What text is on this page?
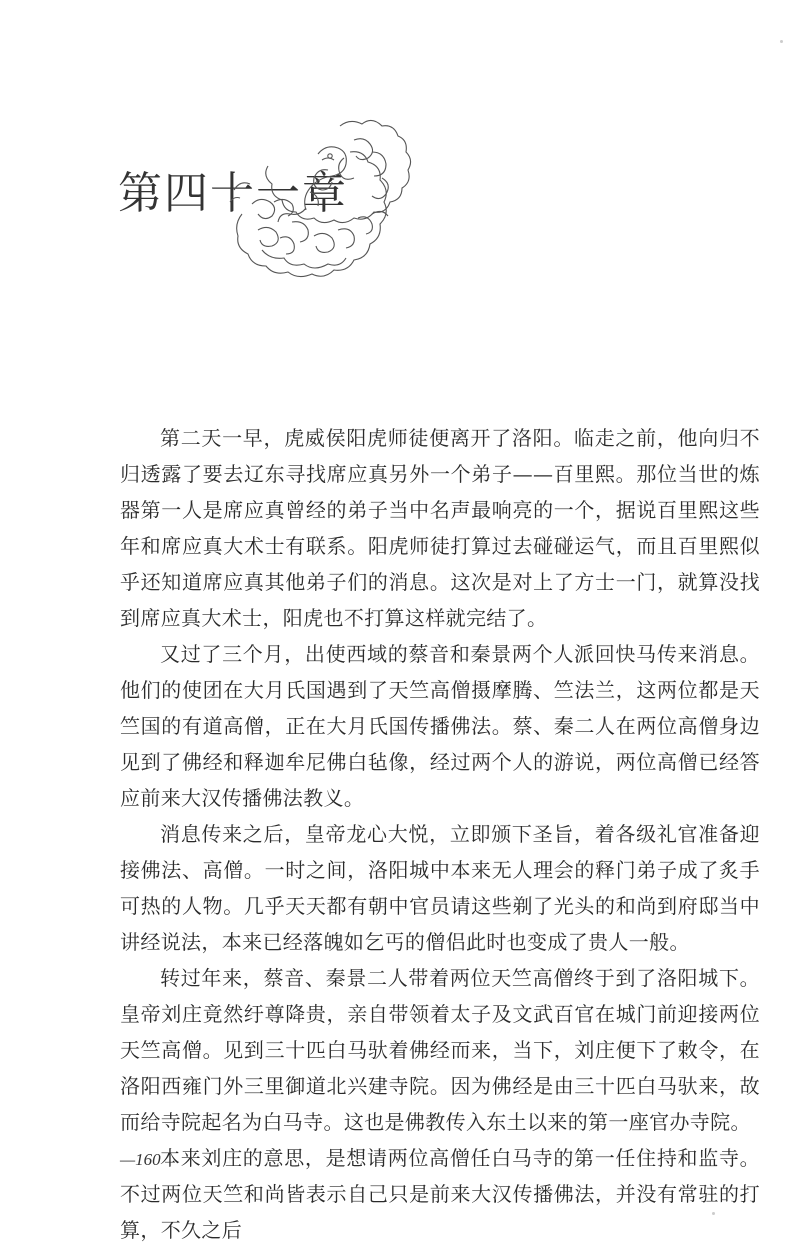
第四十一章

第二天一早，虎威侯阳虎师徒便离开了洛阳。临走之前，他向归不归透露了要去辽东寻找席应真另外一个弟子——百里熙。那位当世的炼器第一人是席应真曾经的弟子当中名声最响亮的一个，据说百里熙这些年和席应真大术士有联系。阳虎师徒打算过去碰碰运气，而且百里熙似乎还知道席应真其他弟子们的消息。这次是对上了方士一门，就算没找到席应真大术士，阳虎也不打算这样就完结了。

又过了三个月，出使西域的蔡音和秦景两个人派回快马传来消息。他们的使团在大月氏国遇到了天竺高僧摄摩腾、竺法兰，这两位都是天竺国的有道高僧，正在大月氏国传播佛法。蔡、秦二人在两位高僧身边见到了佛经和释迦牟尼佛白毡像，经过两个人的游说，两位高僧已经答应前来大汉传播佛法教义。

消息传来之后，皇帝龙心大悦，立即颁下圣旨，着各级礼官准备迎接佛法、高僧。一时之间，洛阳城中本来无人理会的释门弟子成了炙手可热的人物。几乎天天都有朝中官员请这些剃了光头的和尚到府邸当中讲经说法，本来已经落魄如乞丐的僧侣此时也变成了贵人一般。

转过年来，蔡音、秦景二人带着两位天竺高僧终于到了洛阳城下。皇帝刘庄竟然纡尊降贵，亲自带领着太子及文武百官在城门前迎接两位天竺高僧。见到三十匹白马驮着佛经而来，当下，刘庄便下了敕令，在洛阳西雍门外三里御道北兴建寺院。因为佛经是由三十匹白马驮来，故而给寺院起名为白马寺。这也是佛教传入东土以来的第一座官办寺院。

本来刘庄的意思，是想请两位高僧任白马寺的第一任住持和监寺。不过两位天竺和尚皆表示自己只是前来大汉传播佛法，并没有常驻的打算，不久之后

—160
